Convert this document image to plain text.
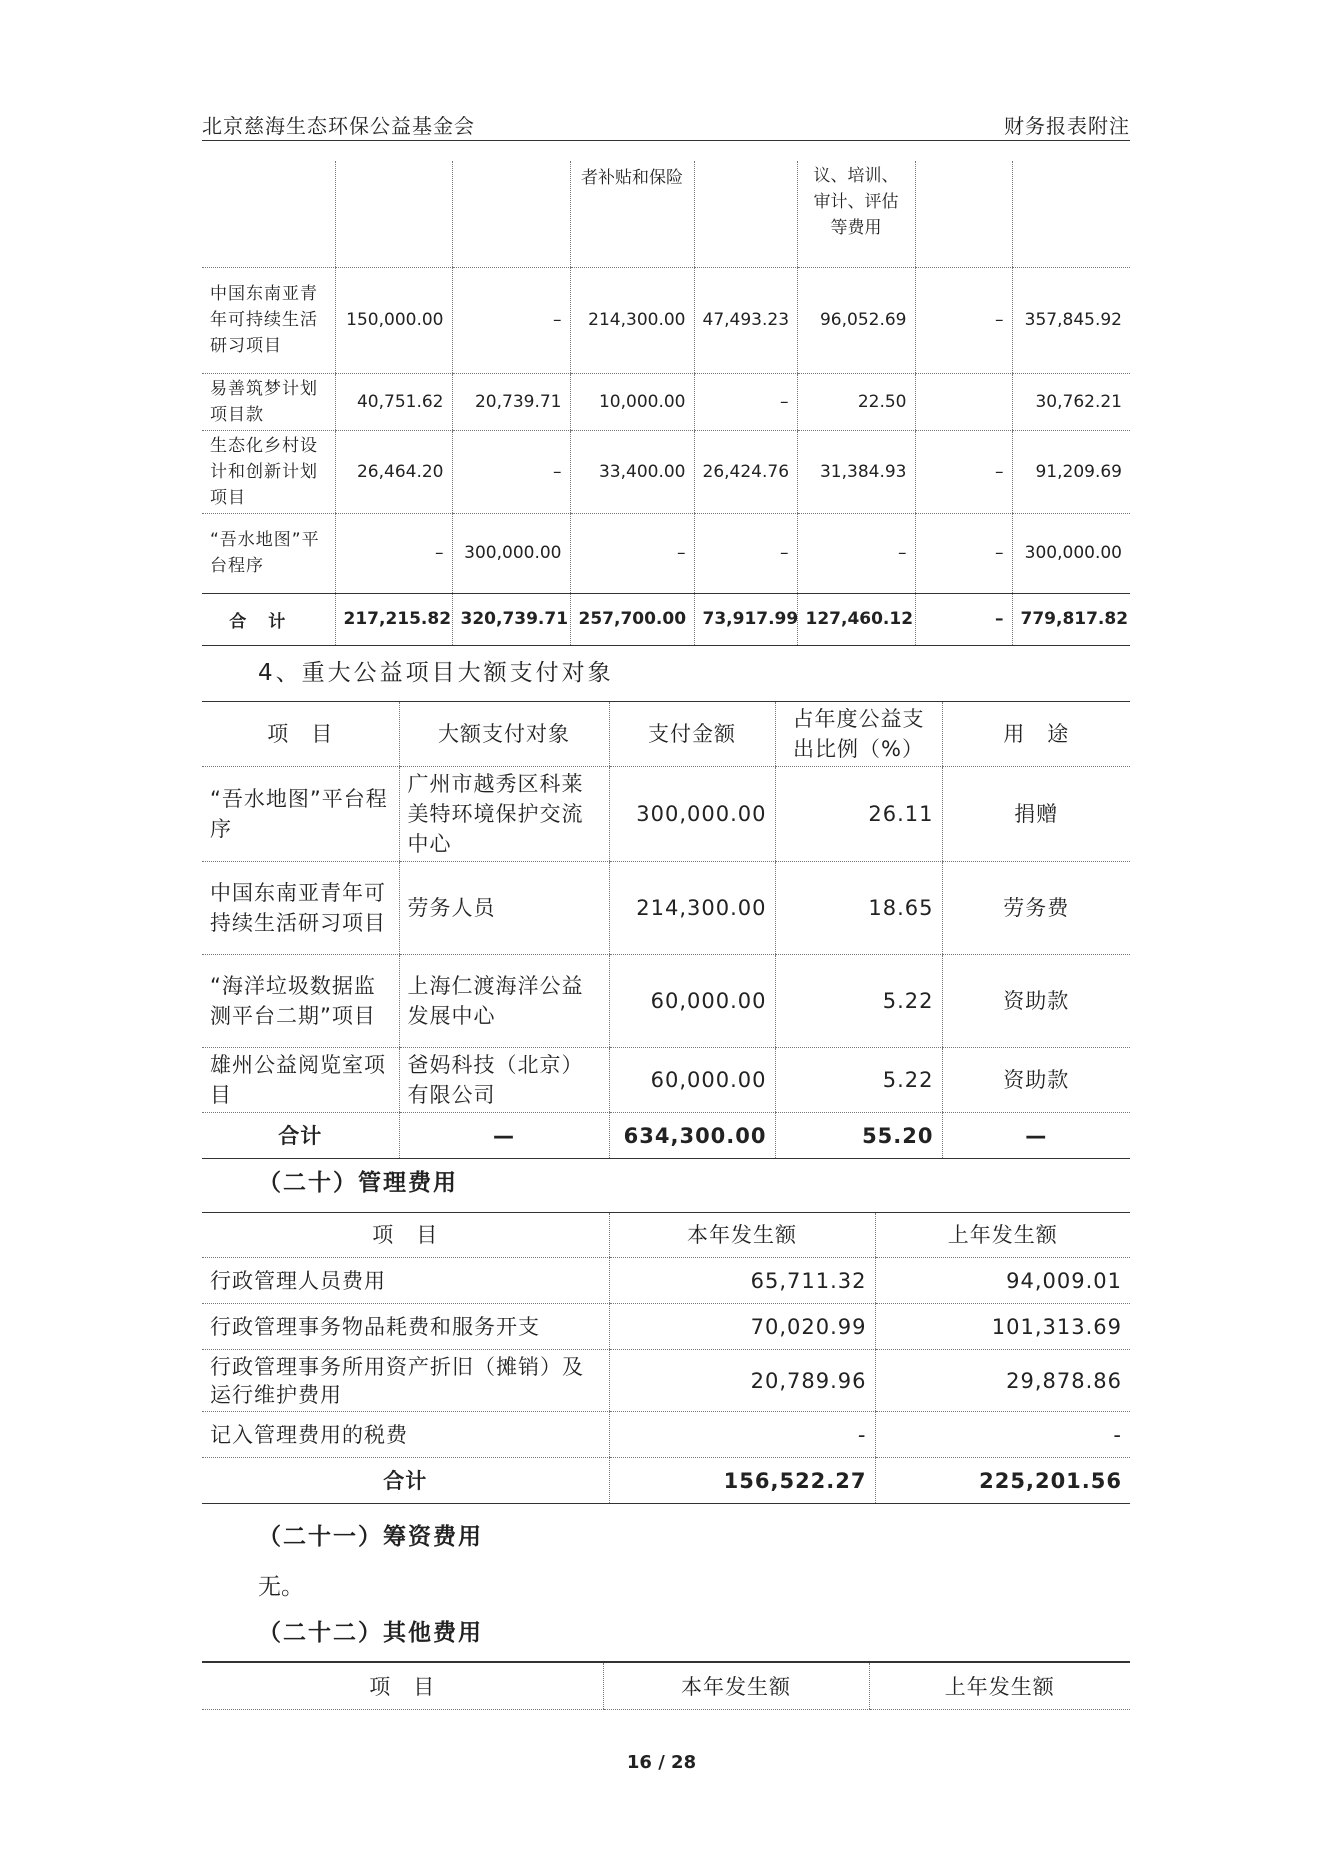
北京慈海生态环保公益基金会	财务报表附注
			者补贴和保险		议、培训、审计、评估等费用		
中国东南亚青年可持续生活研习项目	150,000.00	–	214,300.00	47,493.23	96,052.69	–	357,845.92
易善筑梦计划项目款	40,751.62	20,739.71	10,000.00	–	22.50		30,762.21
生态化乡村设计和创新计划项目	26,464.20	–	33,400.00	26,424.76	31,384.93	–	91,209.69
“吾水地图”平台程序	–	300,000.00	–	–	–	–	300,000.00
合计	217,215.82	320,739.71	257,700.00	73,917.99	127,460.12	–	779,817.82
4、重大公益项目大额支付对象
项　目	大额支付对象	支付金额	占年度公益支出比例（%）	用　途
“吾水地图”平台程序	广州市越秀区科莱美特环境保护交流中心	300,000.00	26.11	捐赠
中国东南亚青年可持续生活研习项目	劳务人员	214,300.00	18.65	劳务费
“海洋垃圾数据监测平台二期”项目	上海仁渡海洋公益发展中心	60,000.00	5.22	资助款
雄州公益阅览室项目	爸妈科技（北京）有限公司	60,000.00	5.22	资助款
合计	—	634,300.00	55.20	—
（二十）管理费用
项　目	本年发生额	上年发生额
行政管理人员费用	65,711.32	94,009.01
行政管理事务物品耗费和服务开支	70,020.99	101,313.69
行政管理事务所用资产折旧（摊销）及运行维护费用	20,789.96	29,878.86
记入管理费用的税费	-	-
合计	156,522.27	225,201.56
（二十一）筹资费用
无。
（二十二）其他费用
项　目	本年发生额	上年发生额
16 / 28
